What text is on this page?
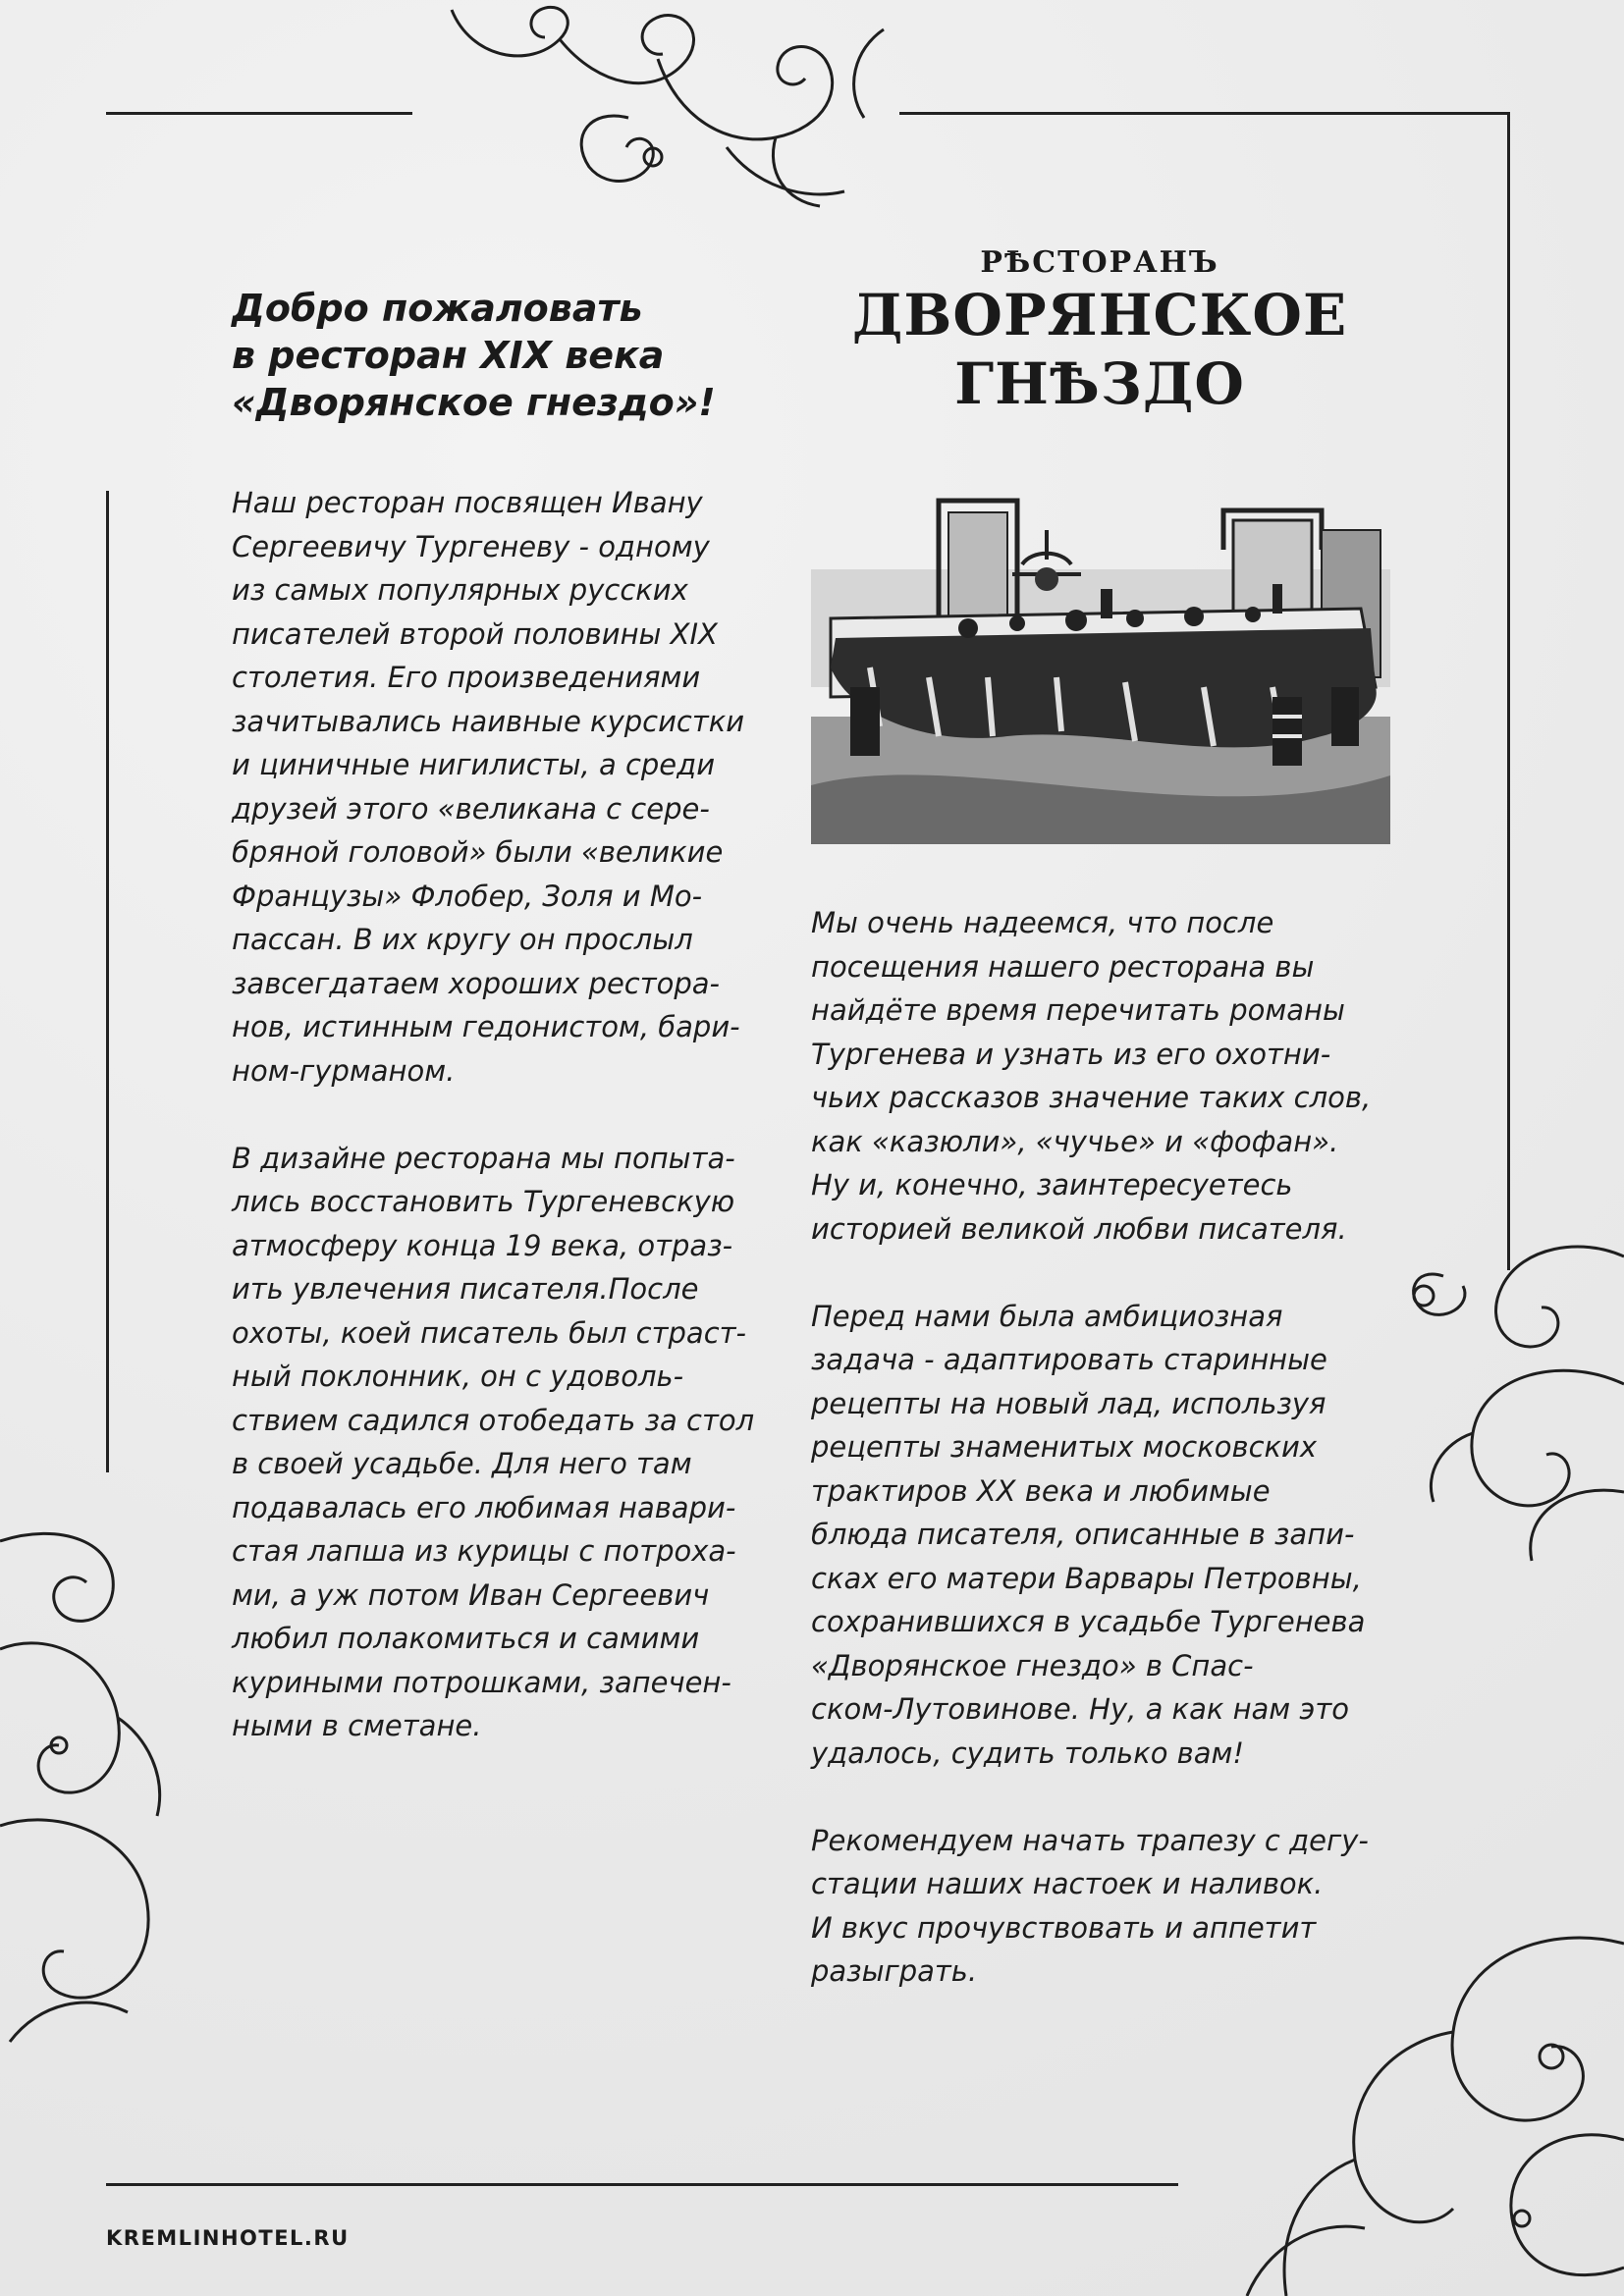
Добро пожаловать
в ресторан XIX века
«Дворянское гнездо»!
РѢСТОРАНЪ
ДВОРЯНСКОЕ
ГНѢЗДО
Наш ресторан посвящен Ивану
Сергеевичу Тургеневу - одному
из самых популярных русских
писателей второй половины XIX
столетия. Его произведениями
зачитывались наивные курсистки
и циничные нигилисты, а среди
друзей этого «великана с сере-
бряной головой» были «великие
Французы» Флобер, Золя и Мо-
пассан. В их кругу он прослыл
завсегдатаем хороших рестора-
нов, истинным гедонистом, бари-
ном-гурманом.
В дизайне ресторана мы попыта-
лись восстановить Тургеневскую
атмосферу конца 19 века, отраз-
ить увлечения писателя.После
охоты, коей писатель был страст-
ный поклонник, он с удоволь-
ствием садился отобедать за стол
в своей усадьбе. Для него там
подавалась его любимая навари-
стая лапша из курицы с потроха-
ми, а уж потом Иван Сергеевич
любил полакомиться и самими
куриными потрошками, запечен-
ными в сметане.
Мы очень надеемся, что после
посещения нашего ресторана вы
найдёте время перечитать романы
Тургенева и узнать из его охотни-
чьих рассказов значение таких слов,
как «казюли», «чучье» и «фофан».
Ну и, конечно, заинтересуетесь
историей великой любви писателя.
Перед нами была амбициозная
задача - адаптировать старинные
рецепты на новый лад, используя
рецепты знаменитых московских
трактиров XX века и любимые
блюда писателя, описанные в запи-
сках его матери Варвары Петровны,
сохранившихся в усадьбе Тургенева
«Дворянское гнездо» в Спас-
ском-Лутовинове. Ну, а как нам это
удалось, судить только вам!
Рекомендуем начать трапезу с дегу-
стации наших настоек и наливок.
И вкус прочувствовать и аппетит
разыграть.
KREMLINHOTEL.RU
